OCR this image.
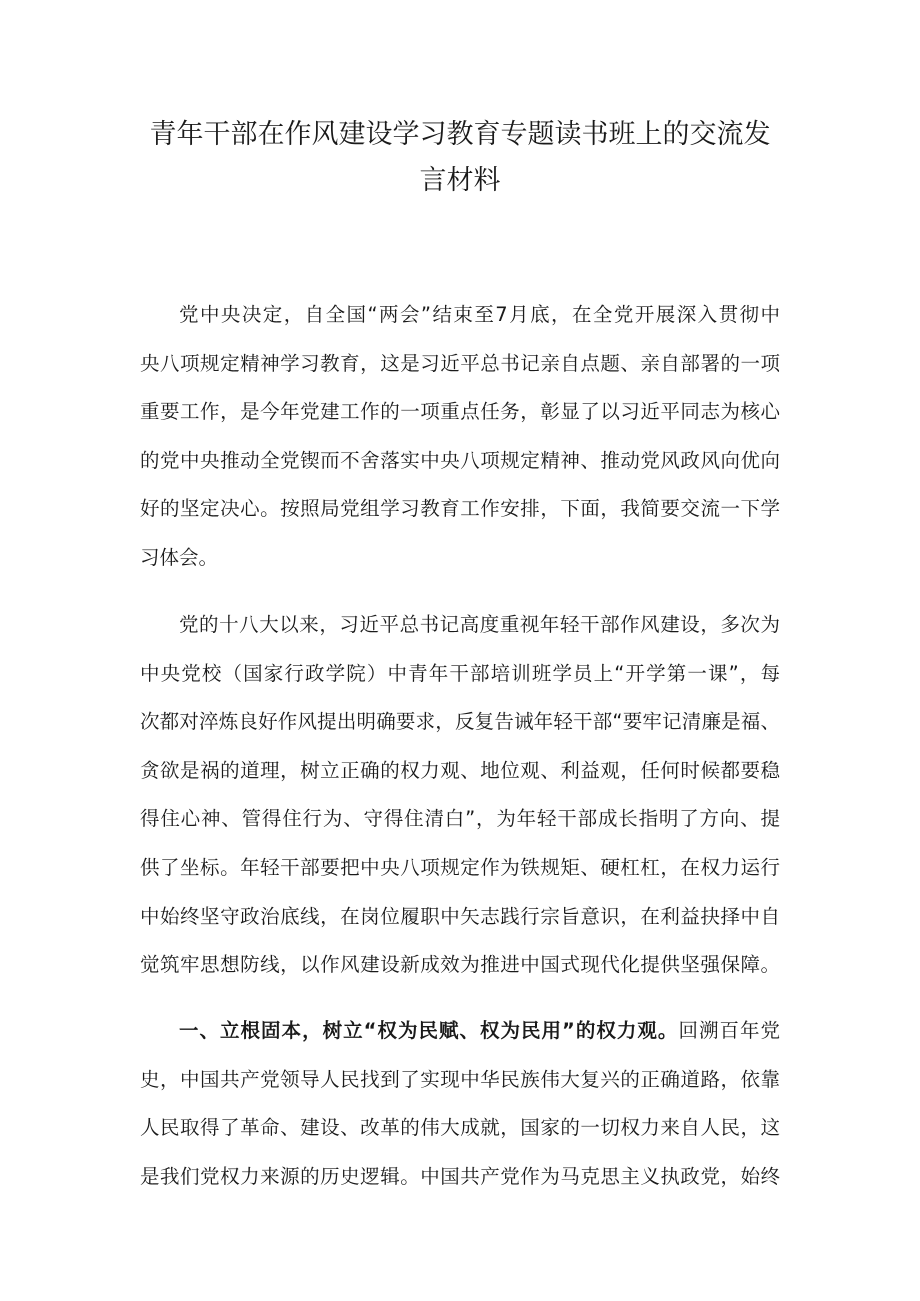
青年干部在作风建设学习教育专题读书班上的交流发
言材料

党中央决定，自全国“两会”结束至7月底，在全党开展深入贯彻中
央八项规定精神学习教育，这是习近平总书记亲自点题、亲自部署的一项
重要工作，是今年党建工作的一项重点任务，彰显了以习近平同志为核心
的党中央推动全党锲而不舍落实中央八项规定精神、推动党风政风向优向
好的坚定决心。按照局党组学习教育工作安排，下面，我简要交流一下学
习体会。

党的十八大以来，习近平总书记高度重视年轻干部作风建设，多次为
中央党校（国家行政学院）中青年干部培训班学员上“开学第一课”，每
次都对淬炼良好作风提出明确要求，反复告诫年轻干部“要牢记清廉是福、
贪欲是祸的道理，树立正确的权力观、地位观、利益观，任何时候都要稳
得住心神、管得住行为、守得住清白”，为年轻干部成长指明了方向、提
供了坐标。年轻干部要把中央八项规定作为铁规矩、硬杠杠，在权力运行
中始终坚守政治底线，在岗位履职中矢志践行宗旨意识，在利益抉择中自
觉筑牢思想防线，以作风建设新成效为推进中国式现代化提供坚强保障。

一、立根固本，树立“权为民赋、权为民用”的权力观。回溯百年党
史，中国共产党领导人民找到了实现中华民族伟大复兴的正确道路，依靠
人民取得了革命、建设、改革的伟大成就，国家的一切权力来自人民，这
是我们党权力来源的历史逻辑。中国共产党作为马克思主义执政党，始终
